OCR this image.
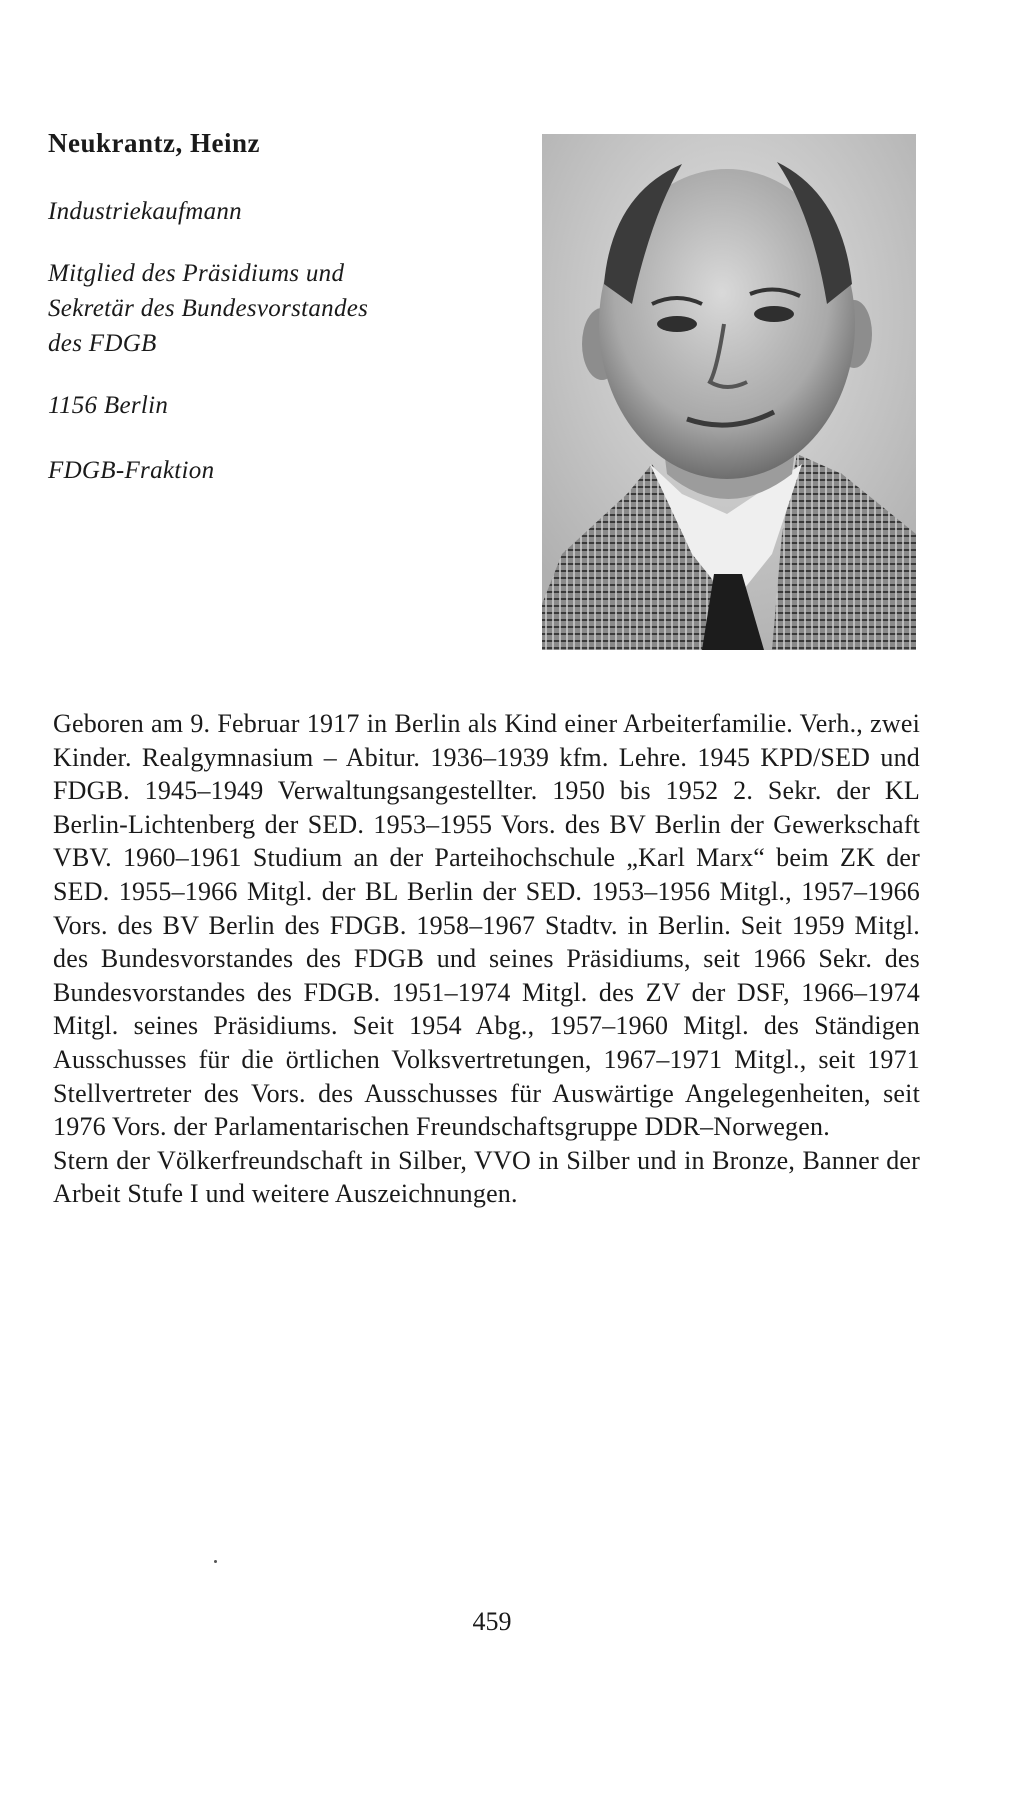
Neukrantz, Heinz
Industriekaufmann
Mitglied des Präsidiums und
Sekretär des Bundesvorstandes
des FDGB
1156 Berlin
FDGB-Fraktion

Geboren am 9. Februar 1917 in Berlin als Kind einer Arbeiterfamilie. Verh., zwei Kinder. Realgymnasium – Abitur. 1936–1939 kfm. Lehre. 1945 KPD/SED und FDGB. 1945–1949 Verwaltungsangestellter. 1950 bis 1952 2. Sekr. der KL Berlin-Lichtenberg der SED. 1953–1955 Vors. des BV Berlin der Gewerkschaft VBV. 1960–1961 Studium an der Parteihochschule „Karl Marx“ beim ZK der SED. 1955–1966 Mitgl. der BL Berlin der SED. 1953–1956 Mitgl., 1957–1966 Vors. des BV Berlin des FDGB. 1958–1967 Stadtv. in Berlin. Seit 1959 Mitgl. des Bundesvorstandes des FDGB und seines Präsidiums, seit 1966 Sekr. des Bundesvorstandes des FDGB. 1951–1974 Mitgl. des ZV der DSF, 1966–1974 Mitgl. seines Präsidiums. Seit 1954 Abg., 1957–1960 Mitgl. des Ständigen Ausschusses für die örtlichen Volksvertretungen, 1967–1971 Mitgl., seit 1971 Stellvertreter des Vors. des Ausschusses für Auswärtige Angelegenheiten, seit 1976 Vors. der Parlamentarischen Freundschaftsgruppe DDR–Norwegen.

Stern der Völkerfreundschaft in Silber, VVO in Silber und in Bronze, Banner der Arbeit Stufe I und weitere Auszeichnungen.

459
